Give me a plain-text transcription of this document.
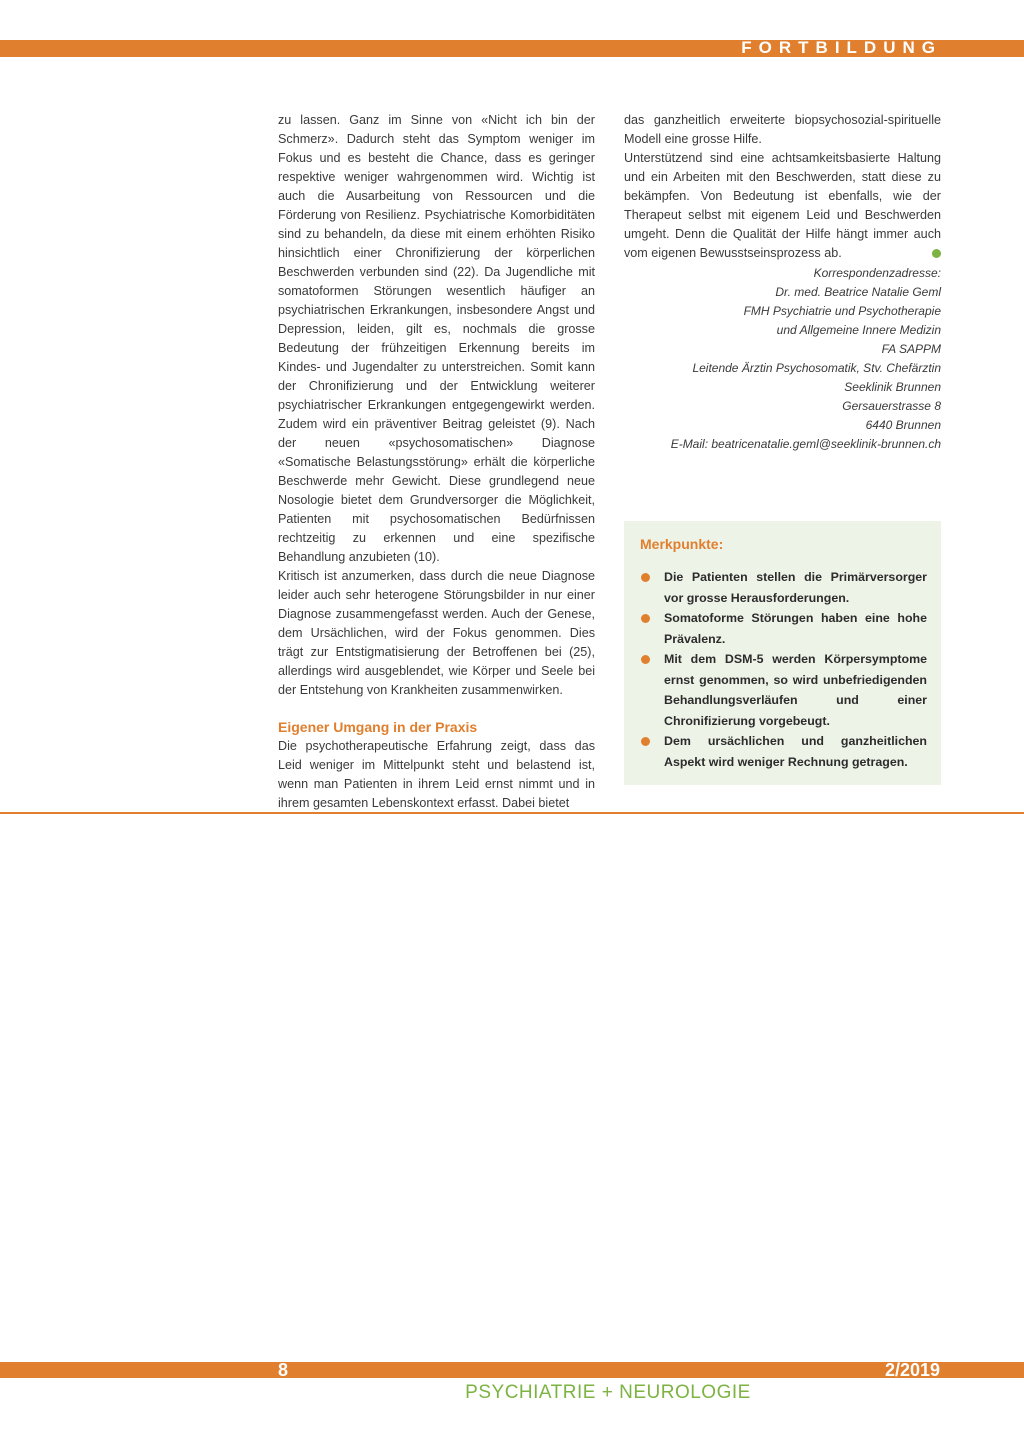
FORTBILDUNG

zu lassen. Ganz im Sinne von «Nicht ich bin der Schmerz». Dadurch steht das Symptom weniger im Fokus und es besteht die Chance, dass es geringer respektive weniger wahrgenommen wird. Wichtig ist auch die Ausarbeitung von Ressourcen und die Förderung von Resilienz. Psychiatrische Komorbiditäten sind zu behandeln, da diese mit einem erhöhten Risiko hinsichtlich einer Chronifizierung der körperlichen Beschwerden verbunden sind (22). Da Jugendliche mit somatoformen Störungen wesentlich häufiger an psychiatrischen Erkrankungen, insbesondere Angst und Depression, leiden, gilt es, nochmals die grosse Bedeutung der frühzeitigen Erkennung bereits im Kindes- und Jugendalter zu unterstreichen. Somit kann der Chronifizierung und der Entwicklung weiterer psychiatrischer Erkrankungen entgegengewirkt werden. Zudem wird ein präventiver Beitrag geleistet (9). Nach der neuen «psychosomatischen» Diagnose «Somatische Belastungsstörung» erhält die körperliche Beschwerde mehr Gewicht. Diese grundlegend neue Nosologie bietet dem Grundversorger die Möglichkeit, Patienten mit psychosomatischen Bedürfnissen rechtzeitig zu erkennen und eine spezifische Behandlung anzubieten (10).

Kritisch ist anzumerken, dass durch die neue Diagnose leider auch sehr heterogene Störungsbilder in nur einer Diagnose zusammengefasst werden. Auch der Genese, dem Ursächlichen, wird der Fokus genommen. Dies trägt zur Entstigmatisierung der Betroffenen bei (25), allerdings wird ausgeblendet, wie Körper und Seele bei der Entstehung von Krankheiten zusammenwirken.

Eigener Umgang in der Praxis

Die psychotherapeutische Erfahrung zeigt, dass das Leid weniger im Mittelpunkt steht und belastend ist, wenn man Patienten in ihrem Leid ernst nimmt und in ihrem gesamten Lebenskontext erfasst. Dabei bietet

das ganzheitlich erweiterte biopsychosozial-spirituelle Modell eine grosse Hilfe.

Unterstützend sind eine achtsamkeitsbasierte Haltung und ein Arbeiten mit den Beschwerden, statt diese zu bekämpfen. Von Bedeutung ist ebenfalls, wie der Therapeut selbst mit eigenem Leid und Beschwerden umgeht. Denn die Qualität der Hilfe hängt immer auch vom eigenen Bewusstseinsprozess ab.

Korrespondenzadresse:
Dr. med. Beatrice Natalie Geml
FMH Psychiatrie und Psychotherapie
und Allgemeine Innere Medizin
FA SAPPM
Leitende Ärztin Psychosomatik, Stv. Chefärztin
Seeklinik Brunnen
Gersauerstrasse 8
6440 Brunnen
E-Mail: beatricenatalie.geml@seeklinik-brunnen.ch
Merkpunkte:
Die Patienten stellen die Primärversorger vor grosse Herausforderungen.
Somatoforme Störungen haben eine hohe Prävalenz.
Mit dem DSM-5 werden Körpersymptome ernst genommen, so wird unbefriedigenden Behandlungsverläufen und einer Chronifizierung vorgebeugt.
Dem ursächlichen und ganzheitlichen Aspekt wird weniger Rechnung getragen.
8	2/2019
PSYCHIATRIE + NEUROLOGIE
